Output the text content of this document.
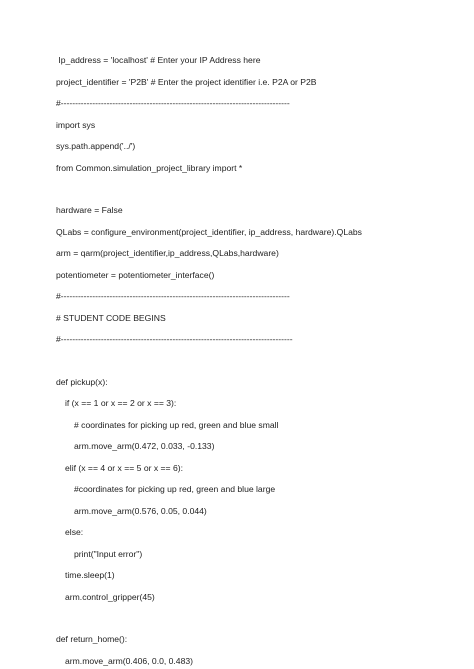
Ip_address = 'localhost' # Enter your IP Address here
project_identifier = 'P2B' # Enter the project identifier i.e. P2A or P2B
#--------------------------------------------------------------------------------
import sys
sys.path.append('../')
from Common.simulation_project_library import *
hardware = False
QLabs = configure_environment(project_identifier, ip_address, hardware).QLabs
arm = qarm(project_identifier,ip_address,QLabs,hardware)
potentiometer = potentiometer_interface()
#--------------------------------------------------------------------------------
# STUDENT CODE BEGINS
#---------------------------------------------------------------------------------
def pickup(x):
if (x == 1 or x == 2 or x == 3):
# coordinates for picking up red, green and blue small
arm.move_arm(0.472, 0.033, -0.133)
elif (x == 4 or x == 5 or x == 6):
#coordinates for picking up red, green and blue large
arm.move_arm(0.576, 0.05, 0.044)
else:
print("Input error")
time.sleep(1)
arm.control_gripper(45)
def return_home():
arm.move_arm(0.406, 0.0, 0.483)
